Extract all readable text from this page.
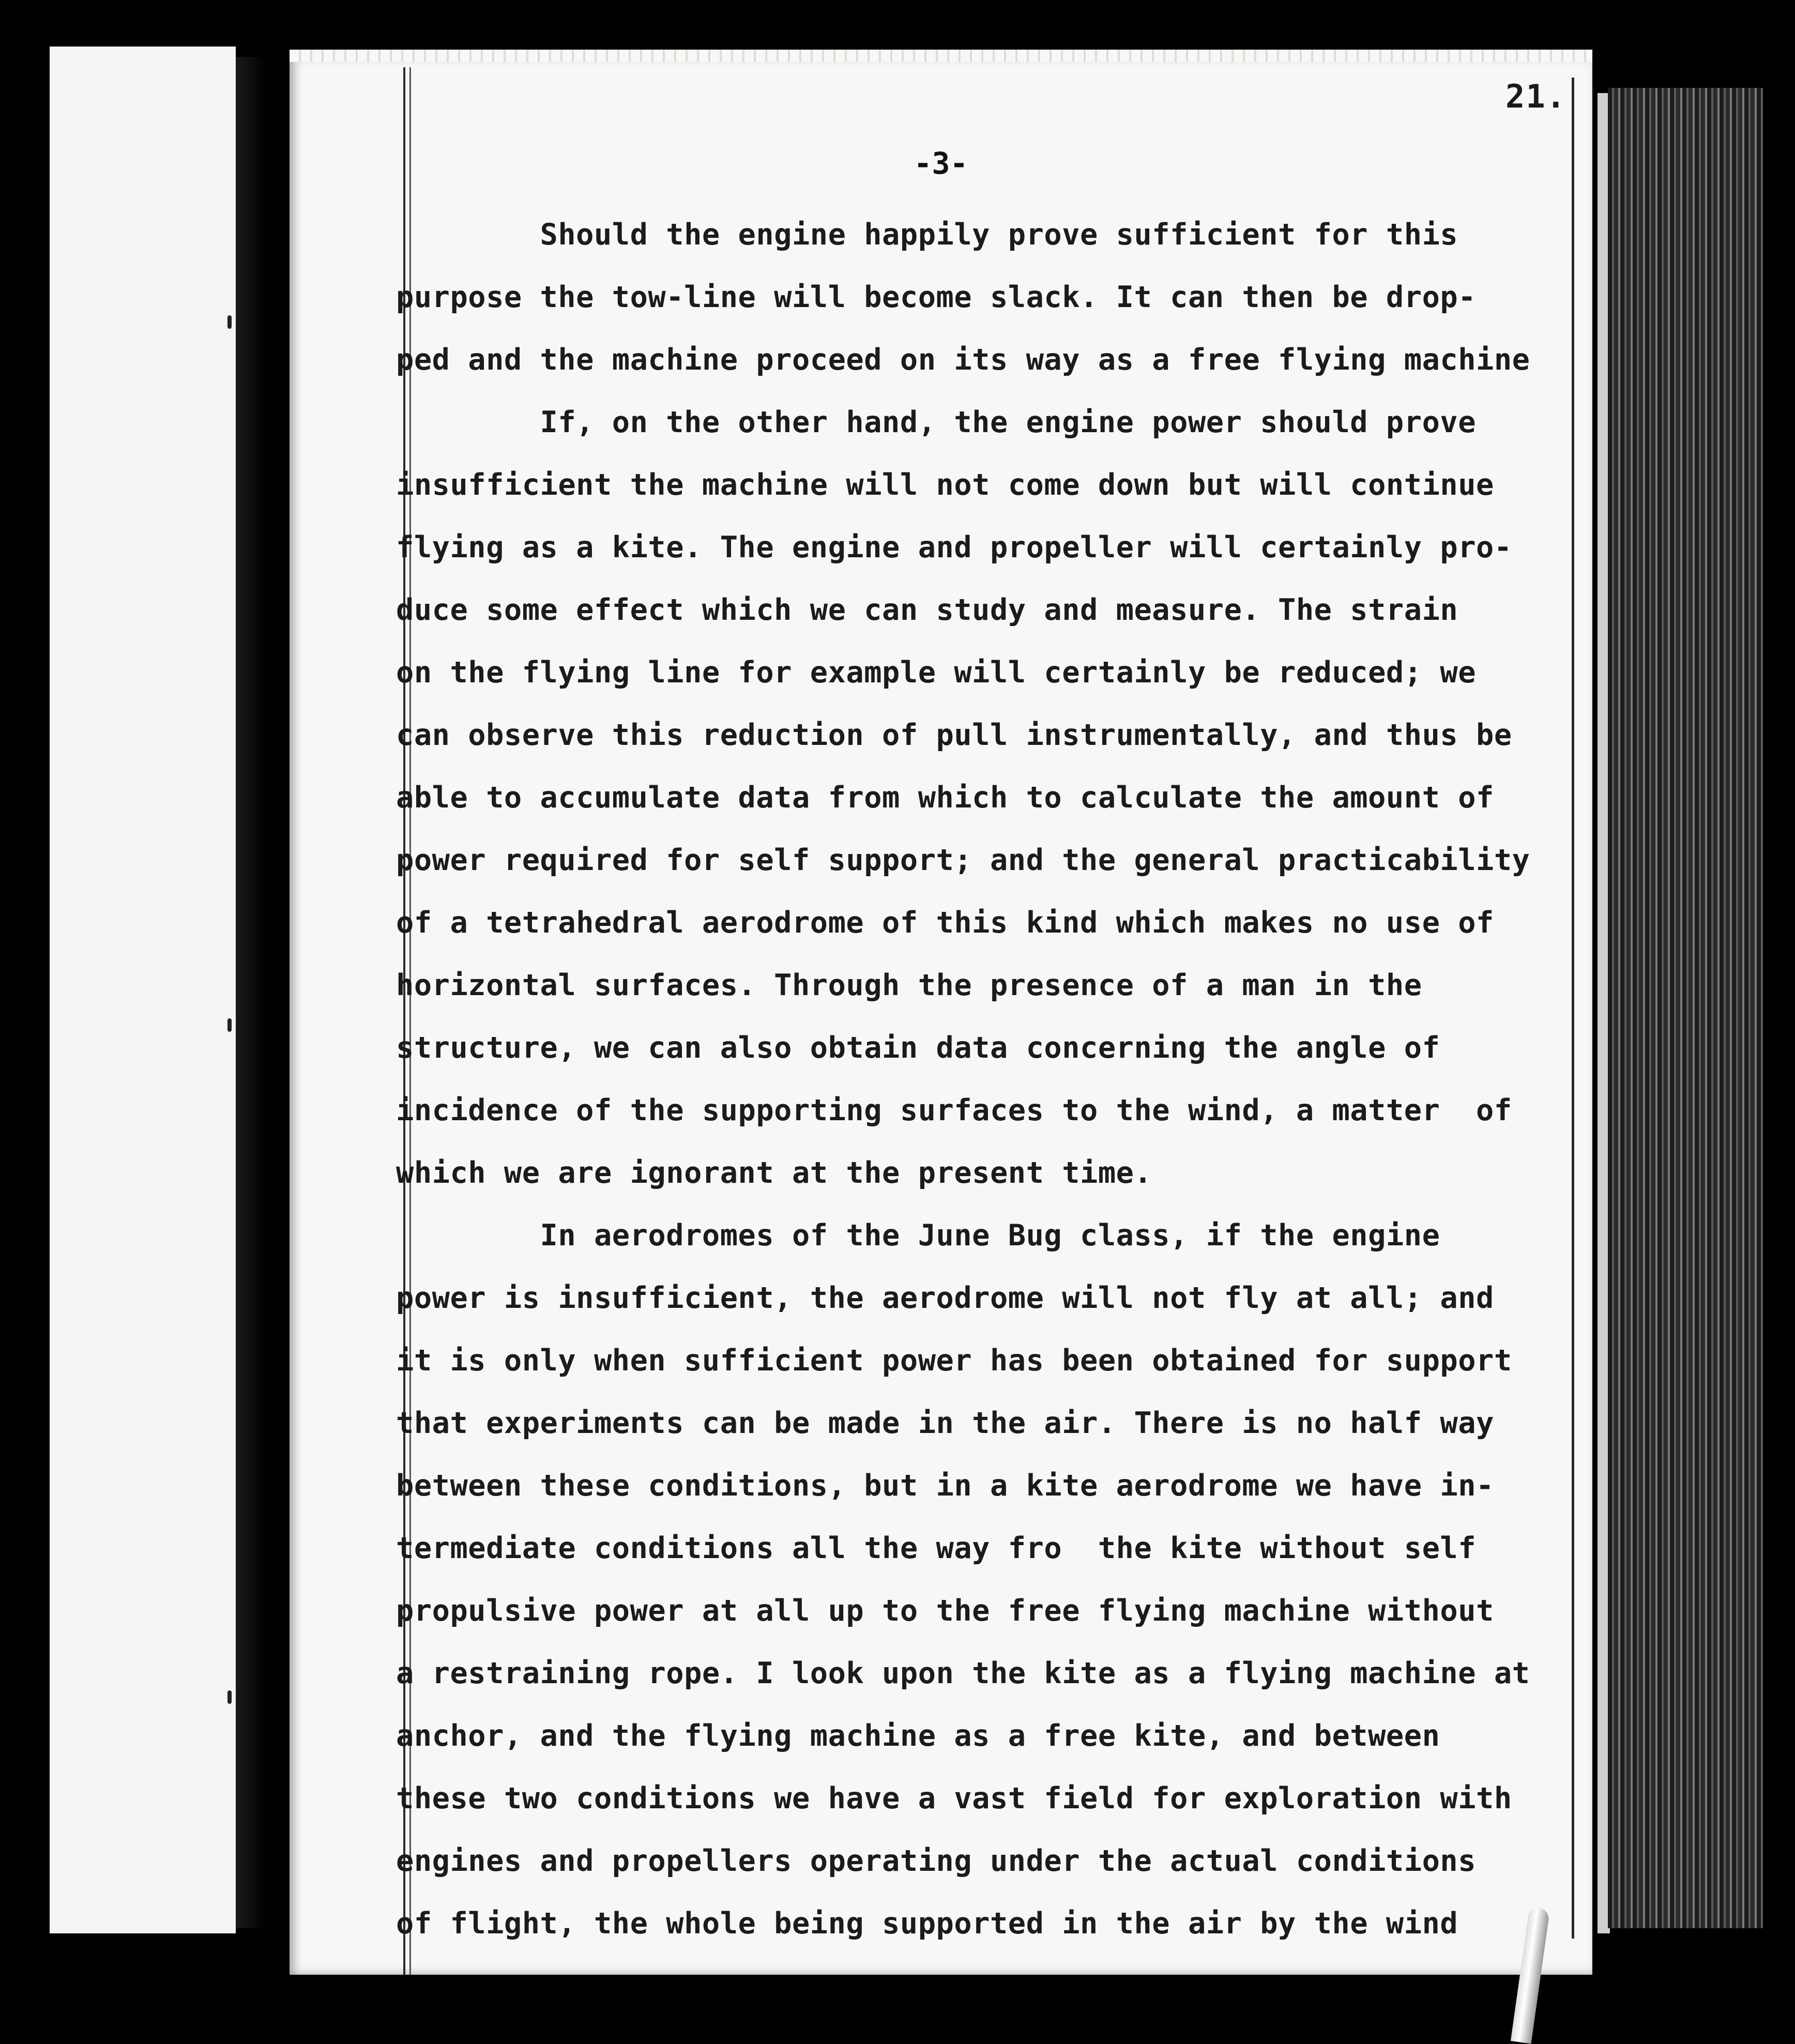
21.
-3-
Should the engine happily prove sufficient for this
purpose the tow-line will become slack. It can then be drop-
ped and the machine proceed on its way as a free flying machine
If, on the other hand, the engine power should prove
insufficient the machine will not come down but will continue
flying as a kite. The engine and propeller will certainly pro-
duce some effect which we can study and measure. The strain
on the flying line for example will certainly be reduced; we
can observe this reduction of pull instrumentally, and thus be
able to accumulate data from which to calculate the amount of
power required for self support; and the general practicability
of a tetrahedral aerodrome of this kind which makes no use of
horizontal surfaces. Through the presence of a man in the
structure, we can also obtain data concerning the angle of
incidence of the supporting surfaces to the wind, a matter  of
which we are ignorant at the present time.
In aerodromes of the June Bug class, if the engine
power is insufficient, the aerodrome will not fly at all; and
it is only when sufficient power has been obtained for support
that experiments can be made in the air. There is no half way
between these conditions, but in a kite aerodrome we have in-
termediate conditions all the way fro  the kite without self
propulsive power at all up to the free flying machine without
a restraining rope. I look upon the kite as a flying machine at
anchor, and the flying machine as a free kite, and between
these two conditions we have a vast field for exploration with
engines and propellers operating under the actual conditions
of flight, the whole being supported in the air by the wind
